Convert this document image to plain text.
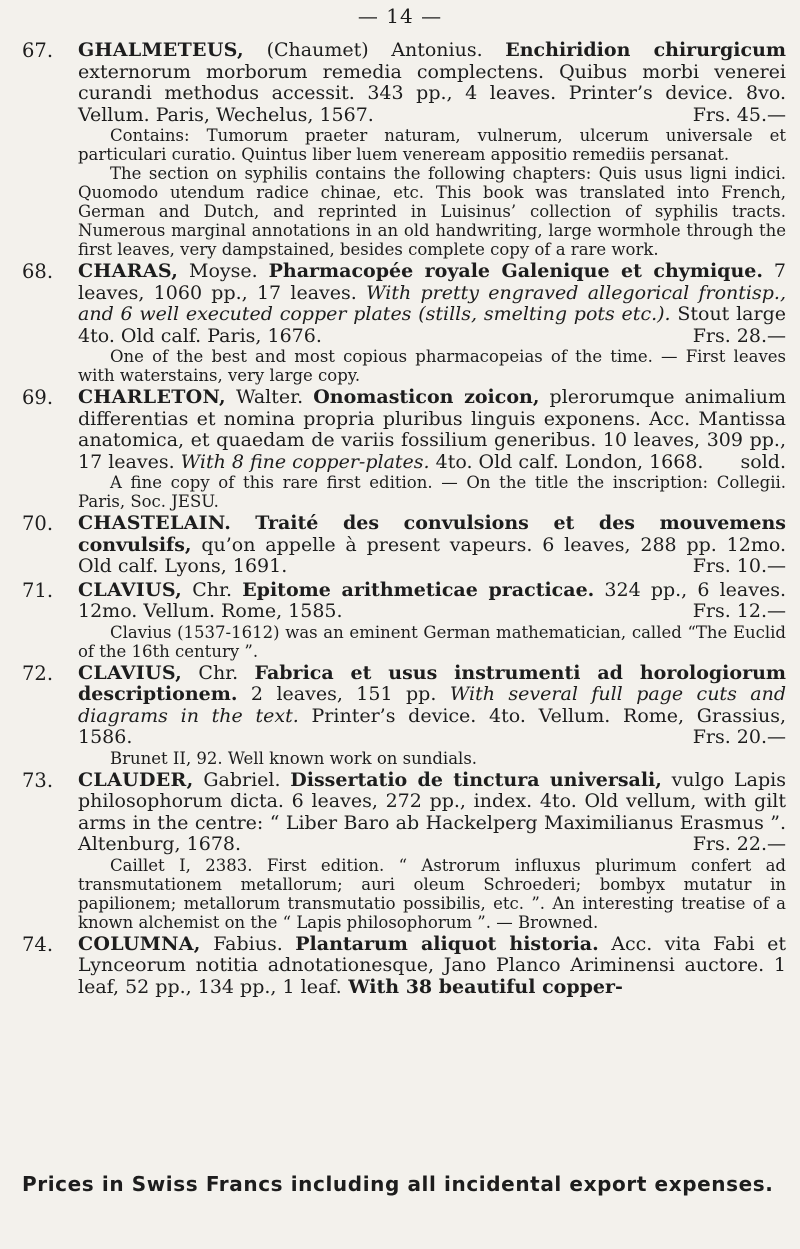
— 14 —
67. GHALMETEUS, (Chaumet) Antonius. Enchiridion chirurgicum externorum morborum remedia complectens. Quibus morbi venerei curandi methodus accessit. 343 pp., 4 leaves. Printer’s device. 8vo. Vellum. Paris, Wechelus, 1567.	Frs. 45.—

Contains: Tumorum praeter naturam, vulnerum, ulcerum universale et particulari curatio. Quintus liber luem veneream appositio remediis persanat.

The section on syphilis contains the following chapters: Quis usus ligni indici. Quomodo utendum radice chinae, etc. This book was translated into French, German and Dutch, and reprinted in Luisinus’ collection of syphilis tracts. Numerous marginal annotations in an old handwriting, large wormhole through the first leaves, very dampstained, besides complete copy of a rare work.

68. CHARAS, Moyse. Pharmacopée royale Galenique et chymique. 7 leaves, 1060 pp., 17 leaves. With pretty engraved allegorical frontisp., and 6 well executed copper plates (stills, smelting pots etc.). Stout large 4to. Old calf. Paris, 1676.	Frs. 28.—

One of the best and most copious pharmacopeias of the time. — First leaves with waterstains, very large copy.

69. CHARLETON, Walter. Onomasticon zoicon, plerorumque animalium differentias et nomina propria pluribus linguis exponens. Acc. Mantissa anatomica, et quaedam de variis fossilium generibus. 10 leaves, 309 pp., 17 leaves. With 8 fine copper-plates. 4to. Old calf. London, 1668.	sold.

A fine copy of this rare first edition. — On the title the inscription: Collegii. Paris, Soc. JESU.

70. CHASTELAIN. Traité des convulsions et des mouvemens convulsifs, qu’on appelle à present vapeurs. 6 leaves, 288 pp. 12mo. Old calf. Lyons, 1691.	Frs. 10.—

71. CLAVIUS, Chr. Epitome arithmeticae practicae. 324 pp., 6 leaves. 12mo. Vellum. Rome, 1585.	Frs. 12.—

Clavius (1537-1612) was an eminent German mathematician, called “The Euclid of the 16th century ”.

72. CLAVIUS, Chr. Fabrica et usus instrumenti ad horologiorum descriptionem. 2 leaves, 151 pp. With several full page cuts and diagrams in the text. Printer’s device. 4to. Vellum. Rome, Grassius, 1586.	Frs. 20.—

Brunet II, 92. Well known work on sundials.

73. CLAUDER, Gabriel. Dissertatio de tinctura universali, vulgo Lapis philosophorum dicta. 6 leaves, 272 pp., index. 4to. Old vellum, with gilt arms in the centre: “ Liber Baro ab Hackelperg Maximilianus Erasmus ”. Altenburg, 1678.	Frs. 22.—

Caillet I, 2383. First edition. “ Astrorum influxus plurimum confert ad transmutationem metallorum; auri oleum Schroederi; bombyx mutatur in papilionem; metallorum transmutatio possibilis, etc. ”. An interesting treatise of a known alchemist on the “ Lapis philosophorum ”. — Browned.

74. COLUMNA, Fabius. Plantarum aliquot historia. Acc. vita Fabi et Lynceorum notitia adnotationesque, Jano Planco Ariminensi auctore. 1 leaf, 52 pp., 134 pp., 1 leaf. With 38 beautiful copper-

Prices in Swiss Francs including all incidental export expenses.
